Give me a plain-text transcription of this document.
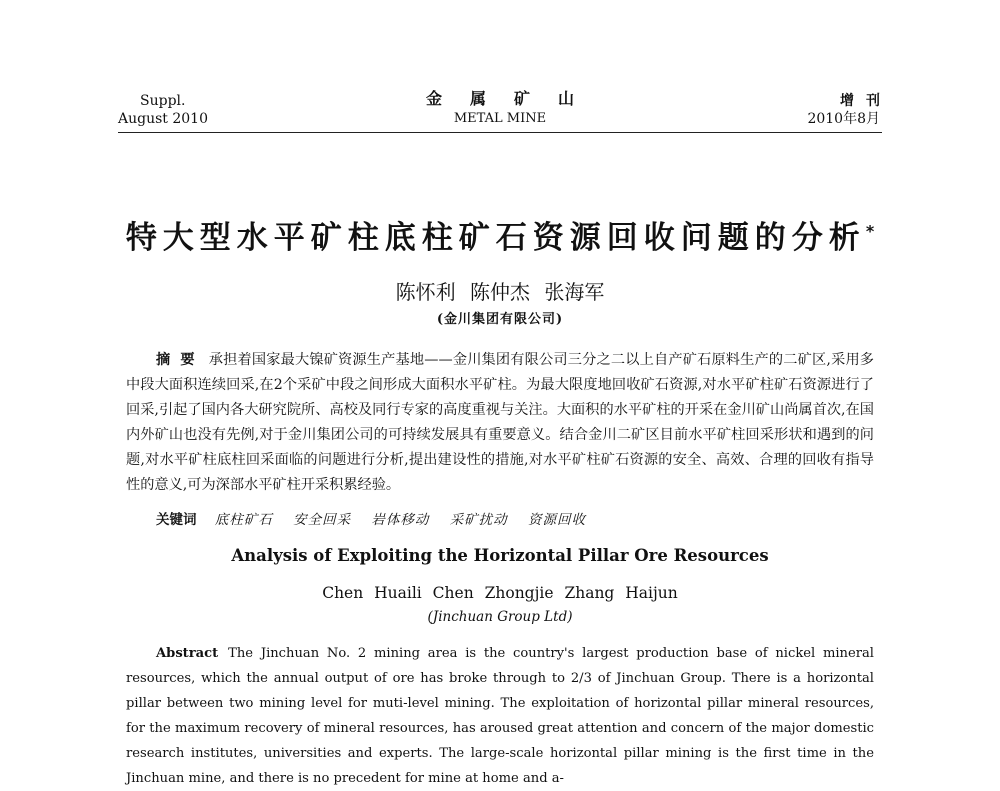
Suppl.
August 2010
金属矿山
METAL MINE
增刊
2010年8月
特大型水平矿柱底柱矿石资源回收问题的分析*
陈怀利 陈仲杰 张海军
(金川集团有限公司)
摘要 承担着国家最大镍矿资源生产基地——金川集团有限公司三分之二以上自产矿石原料生产的二矿区,采用多中段大面积连续回采,在2个采矿中段之间形成大面积水平矿柱。为最大限度地回收矿石资源,对水平矿柱矿石资源进行了回采,引起了国内各大研究院所、高校及同行专家的高度重视与关注。大面积的水平矿柱的开采在金川矿山尚属首次,在国内外矿山也没有先例,对于金川集团公司的可持续发展具有重要意义。结合金川二矿区目前水平矿柱回采形状和遇到的问题,对水平矿柱底柱回采面临的问题进行分析,提出建设性的措施,对水平矿柱矿石资源的安全、高效、合理的回收有指导性的意义,可为深部水平矿柱开采积累经验。
关键词 底柱矿石 安全回采 岩体移动 采矿扰动 资源回收
Analysis of Exploiting the Horizontal Pillar Ore Resources
Chen Huaili Chen Zhongjie Zhang Haijun
(Jinchuan Group Ltd)
Abstract The Jinchuan No. 2 mining area is the country's largest production base of nickel mineral resources, which the annual output of ore has broke through to 2/3 of Jinchuan Group. There is a horizontal pillar between two mining level for muti-level mining. The exploitation of horizontal pillar mineral resources, for the maximum recovery of mineral resources, has aroused great attention and concern of the major domestic research institutes, universities and experts. The large-scale horizontal pillar mining is the first time in the Jinchuan mine, and there is no precedent for mine at home and a-
